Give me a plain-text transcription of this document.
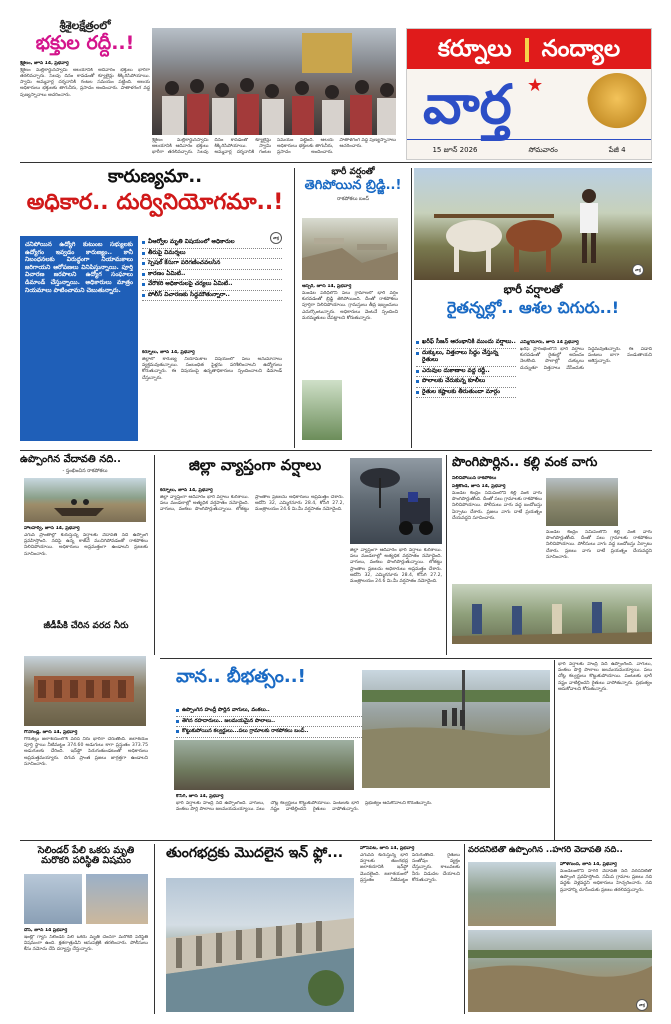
శ్రీశైలక్షేత్రంలో
భక్తుల రద్దీ..!
శ్రీశైలం, జూన్ 14, ప్రభవార్త
శ్రీశైలం మల్లికార్జునస్వామి ఆలయానికి ఆదివారం భక్తులు భారీగా తరలివచ్చారు. సెలవు దినం కావడంతో క్యూలైన్లు కిక్కిరిసిపోయాయి. స్వామి అమ్మవార్ల దర్శనానికి గంటల సమయం పట్టింది. ఆలయ అధికారులు భక్తులకు తాగునీరు, ప్రసాదం అందించారు. పాతాళగంగ వద్ద పుణ్యస్నానాలు ఆచరించారు.
శ్రీశైలం మల్లికార్జునస్వామి ఆలయానికి ఆదివారం భక్తులు భారీగా తరలివచ్చారు. సెలవు దినం కావడంతో క్యూలైన్లు కిక్కిరిసిపోయాయి. స్వామి అమ్మవార్ల దర్శనానికి గంటల సమయం పట్టింది. ఆలయ అధికారులు భక్తులకు తాగునీరు, ప్రసాదం అందించారు. పాతాళగంగ వద్ద పుణ్యస్నానాలు ఆచరించారు.
కర్నూలు నంద్యాల
వార్త ★
15 జూన్ 2026	సోమవారం	పేజీ 4
కారుణ్యమా..
అధికార.. దుర్వినియోగమా..!
చనిపోయిన ఉద్యోగి కుటుంబ సభ్యులకు ఉద్యోగం ఇవ్వడం కారుణ్యం.. కానీ నిబంధనలకు విరుద్ధంగా నియామకాలు జరిగాయని ఆరోపణలు వినిపిస్తున్నాయి. పూర్తి విచారణ జరపాలని ఉద్యోగ సంఘాలు డిమాండ్ చేస్తున్నాయి. అధికారులు మాత్రం నియమాలు పాటించామని చెబుతున్నారు.
వీఆర్వోల మృతి విషయంలో అధికారుల
తీరుపై విమర్శలు
స్పెషల్ కేసుగా పరిగణించవలసిన
కారణం ఏమిటి..
వేరొకరి అధికారులపై చర్యలు ఏమిటి..
పోలీస్ విచారణకు సిద్ధమౌతున్నారా..
వార్త
కర్నూలు, జూన్ 14, ప్రభవార్త
జిల్లాలో కారుణ్య నియామకాల విషయంలో పలు అనుమానాలు వ్యక్తమవుతున్నాయి. సంబంధిత ఫైళ్లను పరిశీలించాలని ఉద్యోగులు కోరుతున్నారు. ఈ విషయంపై ఉన్నతాధికారులు స్పందించాలని డిమాండ్ చేస్తున్నారు.
భారీ వర్షంతో
తెగిపోయిన బ్రిడ్జి..!
రాకపోకలు బంద్
ఆస్పరి, జూన్ 14, ప్రభవార్త
మండల పరిధిలోని పలు గ్రామాలలో భారీ వర్షం కురవడంతో బ్రిడ్జి తెగిపోయింది. దీంతో రాకపోకలు పూర్తిగా నిలిచిపోయాయి. గ్రామస్తులు తీవ్ర ఇబ్బందులు ఎదుర్కొంటున్నారు. అధికారులు వెంటనే స్పందించి మరమ్మతులు చేపట్టాలని కోరుతున్నారు.
వార్త
భారీ వర్షాలతో
రైతన్నల్లో.. ఆశల చిగురు..!
ఖరీఫ్ సీజన్ ఆరంభానికి ముందు వర్షాలు..
దుక్కులు, విత్తనాలు సిద్ధం చేస్తున్న రైతులు
ఎరువుల దుకాణాల వద్ద రద్దీ..
పొలాలకు చేరుకున్న కూలీలు
రైతుల కష్టాలకు తీరుతుందా మార్గం
ఎమ్మిగనూరు, జూన్ 14 ప్రభవార్త
ఖరీఫ్ ప్రారంభంలోనే భారీ వర్షాలు కురవడంతో రైతుల్లో ఆనందం నెలకొంది. పొలాల్లో దుక్కులు దున్నుతూ విత్తనాలు వేసేందుకు సిద్ధమవుతున్నారు. ఈ ఏడాది పంటలు బాగా పండుతాయని ఆశిస్తున్నారు.
ఉప్పొంగిన వేదావతి నది..
- స్తంభించిన రాకపోకలు
హాలహర్వి, జూన్ 14, ప్రభవార్త
ఎగువ ప్రాంతాల్లో కురుస్తున్న వర్షాలకు వేదావతి నది ఉప్పొంగి ప్రవహిస్తోంది. నదిపై ఉన్న కాజ్‌వే మునిగిపోవడంతో రాకపోకలు నిలిచిపోయాయి. అధికారులు అప్రమత్తంగా ఉండాలని ప్రజలకు సూచించారు.
జీడీపీకి చేరిన వరద నీరు
జిల్లా వ్యాప్తంగా వర్షాలు
కర్నూలు, జూన్ 14, ప్రభవార్త
జిల్లా వ్యాప్తంగా ఆదివారం భారీ వర్షాలు కురిశాయి. పలు మండలాల్లో అత్యధిక వర్షపాతం నమోదైంది. వాగులు, వంకలు పొంగిపొర్లుతున్నాయి. లోతట్టు ప్రాంతాల ప్రజలను అధికారులు అప్రమత్తం చేశారు. ఆదోని 32, ఎమ్మిగనూరు 28.4, కోసిగి 27.2, మంత్రాలయం 24.6 మి.మీ వర్షపాతం నమోదైంది.
జిల్లా వ్యాప్తంగా ఆదివారం భారీ వర్షాలు కురిశాయి. పలు మండలాల్లో అత్యధిక వర్షపాతం నమోదైంది. వాగులు, వంకలు పొంగిపొర్లుతున్నాయి. లోతట్టు ప్రాంతాల ప్రజలను అధికారులు అప్రమత్తం చేశారు. ఆదోని 32, ఎమ్మిగనూరు 28.4, కోసిగి 27.2, మంత్రాలయం 24.6 మి.మీ వర్షపాతం నమోదైంది.
పొంగిపొర్లిన.. కల్లి వంక వాగు
నిలిచిపోయిన రాకపోకలు
పత్తికొండ, జూన్ 14, ప్రభవార్త
మండల కేంద్రం సమీపంలోని కల్లి వంక వాగు పొంగిపొర్లుతోంది. దీంతో పలు గ్రామాలకు రాకపోకలు నిలిచిపోయాయి. పోలీసులు వాగు వద్ద బందోబస్తు ఏర్పాటు చేశారు. ప్రజలు వాగు దాటే ప్రయత్నం చేయవద్దని సూచించారు.
మండల కేంద్రం సమీపంలోని కల్లి వంక వాగు పొంగిపొర్లుతోంది. దీంతో పలు గ్రామాలకు రాకపోకలు నిలిచిపోయాయి. పోలీసులు వాగు వద్ద బందోబస్తు ఏర్పాటు చేశారు. ప్రజలు వాగు దాటే ప్రయత్నం చేయవద్దని సూచించారు.
గోనెగండ్ల, జూన్ 14, ప్రభవార్త
గోరుకల్లు జలాశయంలోకి వరద నీరు భారీగా చేరుతోంది. జలాశయం పూర్తి స్థాయి నీటిమట్టం 374.60 అడుగులు కాగా ప్రస్తుతం 373.75 అడుగులకు చేరింది. ఇన్‌ఫ్లో పెరుగుతుండటంతో అధికారులు అప్రమత్తమయ్యారు. దిగువ ప్రాంత ప్రజలు జాగ్రత్తగా ఉండాలని సూచించారు.
వాన.. బీభత్సం..!
ఉప్పొంగిన హంద్రీ పొర్లిన వాగులు, వంకలు..
తెగిన రహదారులు.. జలమయమైన పొలాలు..
కొట్టుకుపోయిన కల్వర్టులు...పలు గ్రామాలకు రాకపోకలు బంద్..
కోసిగి, జూన్ 14, ప్రభవార్త
భారీ వర్షాలకు హంద్రీ నది ఉప్పొంగింది. వాగులు, వంకలు పొర్లి పొలాలు జలమయమయ్యాయి. పలు చోట్ల కల్వర్టులు కొట్టుకుపోయాయి. పంటలకు భారీ నష్టం వాటిల్లిందని రైతులు వాపోతున్నారు. ప్రభుత్వం ఆదుకోవాలని కోరుతున్నారు.
భారీ వర్షాలకు హంద్రీ నది ఉప్పొంగింది. వాగులు, వంకలు పొర్లి పొలాలు జలమయమయ్యాయి. పలు చోట్ల కల్వర్టులు కొట్టుకుపోయాయి. పంటలకు భారీ నష్టం వాటిల్లిందని రైతులు వాపోతున్నారు. ప్రభుత్వం ఆదుకోవాలని కోరుతున్నారు.
సెలిండర్ పేలి ఒకరు మృతి మరొకరి పరిస్థితి విషమం
దోన్, జూన్ 14 ప్రభవార్త
ఇంట్లో గ్యాస్ సిలిండర్ పేలి ఒకరు మృతి చెందగా మరొకరి పరిస్థితి విషమంగా ఉంది. క్షతగాత్రుడిని ఆసుపత్రికి తరలించారు. పోలీసులు కేసు నమోదు చేసి దర్యాప్తు చేస్తున్నారు.
తుంగభద్రకు మొదలైన ఇన్ ఫ్లో...	హొసపేట, జూన్ 14, ప్రభవార్త
ఎగువన కురుస్తున్న భారీ వర్షాలకు తుంగభద్ర జలాశయానికి ఇన్‌ఫ్లో మొదలైంది. జలాశయంలో ప్రస్తుతం నీటిమట్టం పెరుగుతోంది. రైతులు సంతోషం వ్యక్తం చేస్తున్నారు. కాలువలకు నీరు విడుదల చేయాలని కోరుతున్నారు.
వరదనీటితో ఉప్పొంగిన ..హగరి వేదావతి నది..
హొళగుంద, జూన్ 14, ప్రభవార్త
మండలంలోని హగరి వేదావతి నది వరదనీటితో ఉప్పొంగి ప్రవహిస్తోంది. సమీప గ్రామాల ప్రజలు నది వద్దకు వెళ్లవద్దని అధికారులు హెచ్చరించారు. నది ప్రవాహాన్ని చూసేందుకు ప్రజలు తరలివస్తున్నారు.
వార్త
